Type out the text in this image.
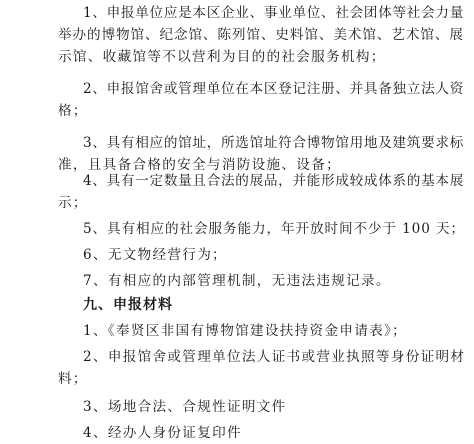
1、申报单位应是本区企业、事业单位、社会团体等社会力量
举办的博物馆、纪念馆、陈列馆、史料馆、美术馆、艺术馆、展
示馆、收藏馆等不以营利为目的的社会服务机构；
2、申报馆舍或管理单位在本区登记注册、并具备独立法人资
格；
3、具有相应的馆址，所选馆址符合博物馆用地及建筑要求标
准，且具备合格的安全与消防设施、设备；
4、具有一定数量且合法的展品，并能形成较成体系的基本展
示；
5、具有相应的社会服务能力，年开放时间不少于 100 天；
6、无文物经营行为；
7、有相应的内部管理机制，无违法违规记录。
九、申报材料
1、《奉贤区非国有博物馆建设扶持资金申请表》；
2、申报馆舍或管理单位法人证书或营业执照等身份证明材
料；
3、场地合法、合规性证明文件
4、经办人身份证复印件
